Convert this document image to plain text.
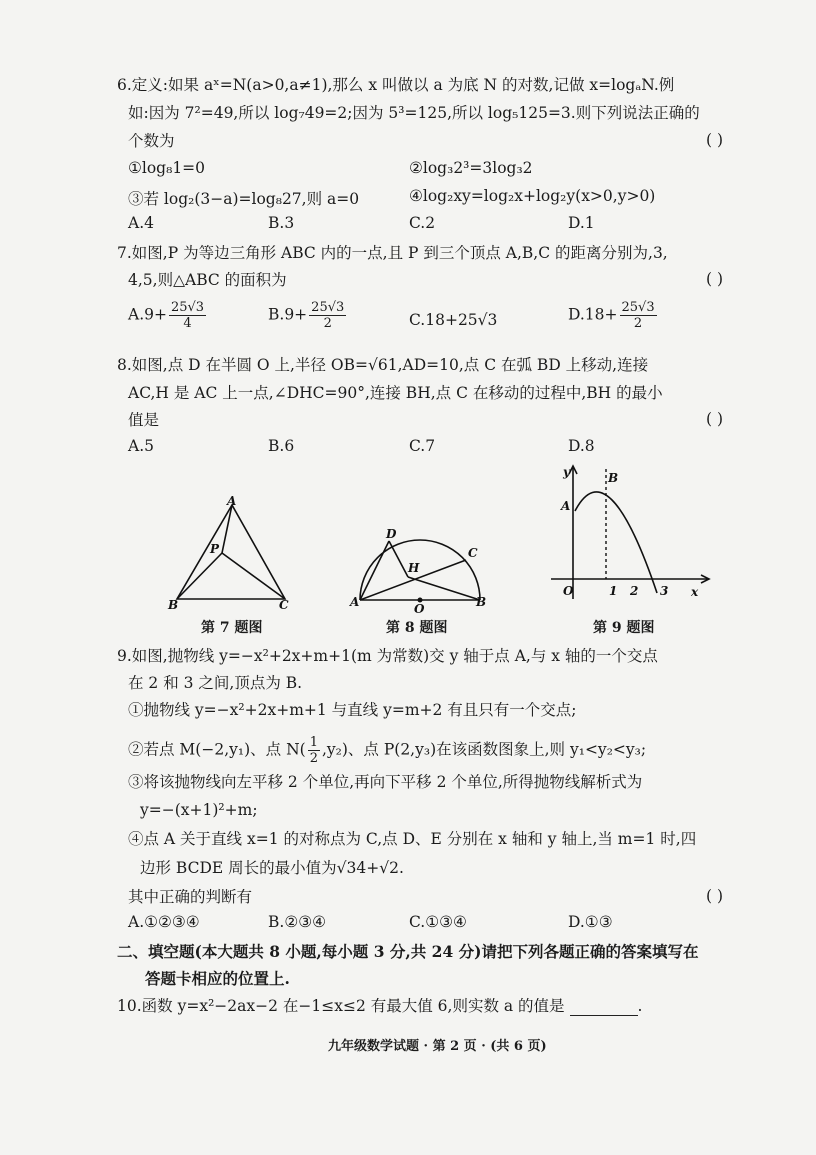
6.定义:如果 aˣ=N(a>0,a≠1),那么 x 叫做以 a 为底 N 的对数,记做 x=logₐN.例
如:因为 7²=49,所以 log₇49=2;因为 5³=125,所以 log₅125=3.则下列说法正确的
个数为	( )
①log₈1=0	②log₃2³=3log₃2
③若 log₂(3−a)=log₈27,则 a=0	④log₂xy=log₂x+log₂y(x>0,y>0)
A.4	B.3	C.2	D.1
7.如图,P 为等边三角形 ABC 内的一点,且 P 到三个顶点 A,B,C 的距离分别为,3,
4,5,则△ABC 的面积为	( )
$A.9+ \frac{25√3}{4}$	$B.9+ \frac{25√3}{2}$	C.18+25√3	$D.18+ \frac{25√3}{2}$
8.如图,点 D 在半圆 O 上,半径 OB=√61,AD=10,点 C 在弧 BD 上移动,连接
AC,H 是 AC 上一点,∠DHC=90°,连接 BH,点 C 在移动的过程中,BH 的最小
值是	( )
A.5	B.6	C.7	D.8
A
B	C
P
第 7 题图
A	B
C
D
H
O
第 8 题图
y
x
A
B
O	1 2 3
第 9 题图
9.如图,抛物线 y=−x²+2x+m+1(m 为常数)交 y 轴于点 A,与 x 轴的一个交点
在 2 和 3 之间,顶点为 B.
①抛物线 y=−x²+2x+m+1 与直线 y=m+2 有且只有一个交点;
②若点 M(−2,y₁)、点 $N( \frac{1}{2} ,y_2)$、点 P(2,y₃)在该函数图象上,则 y₁<y₂<y₃;
③将该抛物线向左平移 2 个单位,再向下平移 2 个单位,所得抛物线解析式为
y=−(x+1)²+m;
④点 A 关于直线 x=1 的对称点为 C,点 D、E 分别在 x 轴和 y 轴上,当 m=1 时,四
边形 BCDE 周长的最小值为√34+√2.
其中正确的判断有	( )
A.①②③④	B.②③④	C.①③④	D.①③
二、填空题(本大题共 8 小题,每小题 3 分,共 24 分)请把下列各题正确的答案填写在
答题卡相应的位置上.
10.函数 y=x²−2ax−2 在−1≤x≤2 有最大值 6,则实数 a 的值是	.
九年级数学试题 · 第 2 页 · (共 6 页)
